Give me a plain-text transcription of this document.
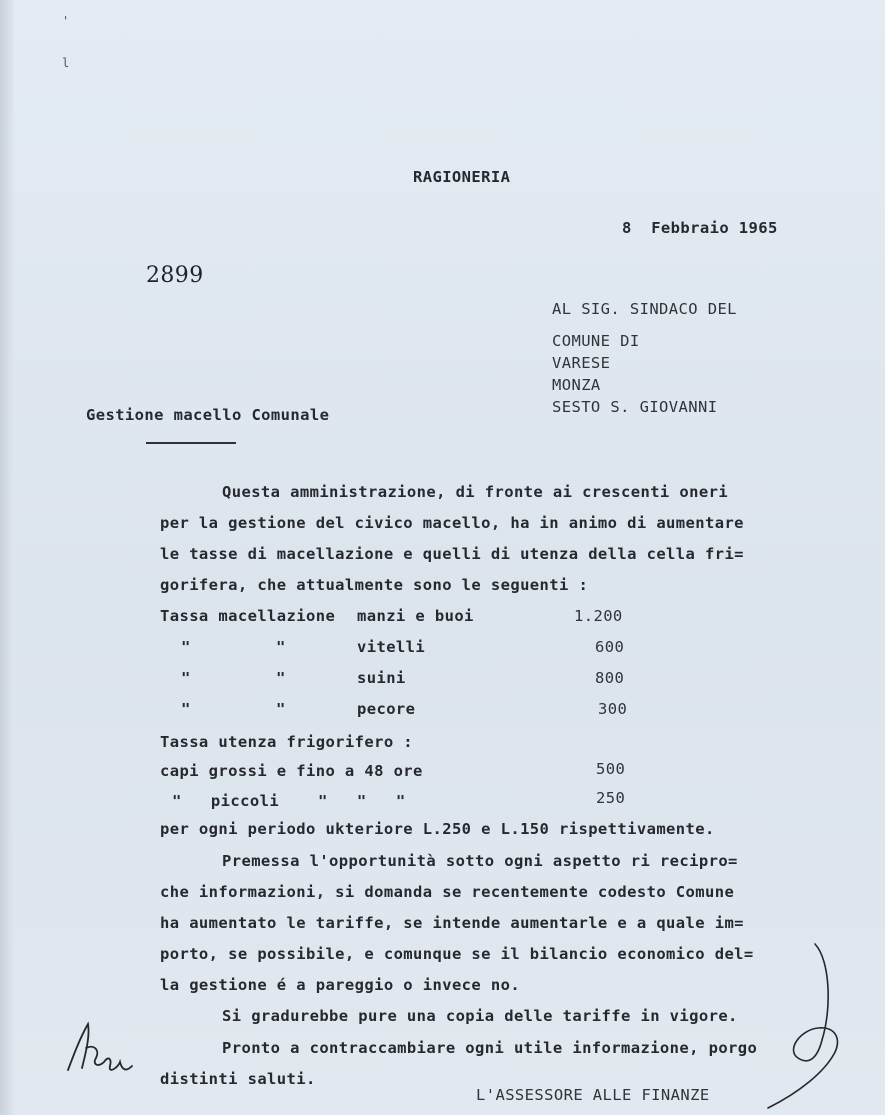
'
l
RAGIONERIA
8  Febbraio 1965
2899
AL SIG. SINDACO DEL
COMUNE DI
VARESE
MONZA
SESTO S. GIOVANNI
Gestione macello Comunale
Questa amministrazione, di fronte ai crescenti oneri
per la gestione del civico macello, ha in animo di aumentare
le tasse di macellazione e quelli di utenza della cella fri=
gorifera, che attualmente sono le seguenti :
Tassa macellazione manzi e buoi	1.200
"	"	vitelli	600
"	"	suini	800
"	"	pecore	300
Tassa utenza frigorifero :
capi grossi e fino a 48 ore	500
"   piccoli    "   "   "	250
per ogni periodo ukteriore L.250 e L.150 rispettivamente.
Premessa l'opportunità sotto ogni aspetto ri recipro=
che informazioni, si domanda se recentemente codesto Comune
ha aumentato le tariffe, se intende aumentarle e a quale im=
porto, se possibile, e comunque se il bilancio economico del=
la gestione é a pareggio o invece no.
Si gradurebbe pure una copia delle tariffe in vigore.
Pronto a contraccambiare ogni utile informazione, porgo
distinti saluti.
L'ASSESSORE ALLE FINANZE
